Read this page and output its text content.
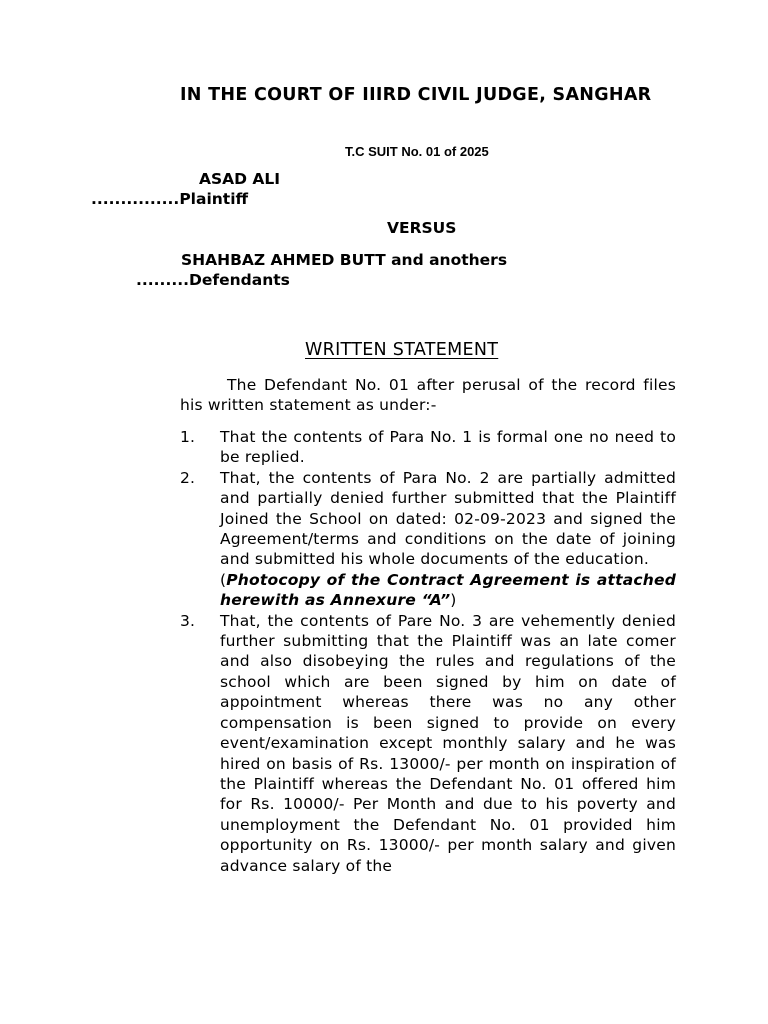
IN THE COURT OF IIIRD CIVIL JUDGE, SANGHAR

T.C SUIT No. 01 of 2025
ASAD ALI
...............Plaintiff
VERSUS
SHAHBAZ AHMED BUTT and anothers
.........Defendants
WRITTEN STATEMENT

The Defendant No. 01 after perusal of the record files his written statement as under:-

1.	That the contents of Para No. 1 is formal one no need to be replied.
2.	That, the contents of Para No. 2 are partially admitted and partially denied further submitted that the Plaintiff Joined the School on dated: 02-09-2023 and signed the Agreement/terms and conditions on the date of joining and submitted his whole documents of the education.
(Photocopy of the Contract Agreement is attached herewith as Annexure “A”)
3.	That, the contents of Pare No. 3 are vehemently denied further submitting that the Plaintiff was an late comer and also disobeying the rules and regulations of the school which are been signed by him on date of appointment whereas there was no any other compensation is been signed to provide on every event/examination except monthly salary and he was hired on basis of Rs. 13000/- per month on inspiration of the Plaintiff whereas the Defendant No. 01 offered him for Rs. 10000/- Per Month and due to his poverty and unemployment the Defendant No. 01 provided him opportunity on Rs. 13000/- per month salary and given advance salary of the
